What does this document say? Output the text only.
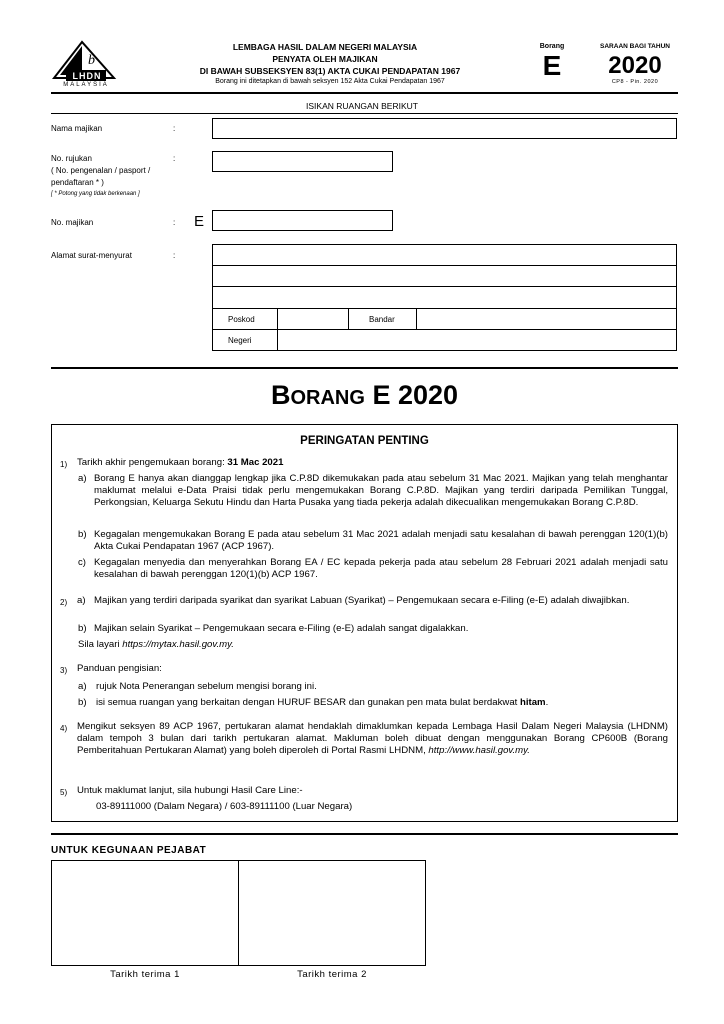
b
LHDN
MALAYSIA
LEMBAGA HASIL DALAM NEGERI MALAYSIA
PENYATA OLEH MAJIKAN
DI BAWAH SUBSEKSYEN 83(1) AKTA CUKAI PENDAPATAN 1967
Borang ini ditetapkan di bawah seksyen 152 Akta Cukai Pendapatan 1967
Borang
E
SARAAN BAGI TAHUN
2020
CP8 - Pin. 2020
ISIKAN RUANGAN BERIKUT
Nama majikan	:
No. rujukan	:
( No. pengenalan / pasport /
pendaftaran * )
[ * Potong yang tidak berkenaan ]
No. majikan	: E
Alamat surat-menyurat	:
Poskod	Bandar
Negeri
BORANG E 2020
PERINGATAN PENTING
1) Tarikh akhir pengemukaan borang: 31 Mac 2021
a) Borang E hanya akan dianggap lengkap jika C.P.8D dikemukakan pada atau sebelum 31 Mac 2021. Majikan yang telah menghantar maklumat melalui e-Data Praisi tidak perlu mengemukakan Borang C.P.8D. Majikan yang terdiri daripada Pemilikan Tunggal, Perkongsian, Keluarga Sekutu Hindu dan Harta Pusaka yang tiada pekerja adalah dikecualikan mengemukakan Borang C.P.8D.
b) Kegagalan mengemukakan Borang E pada atau sebelum 31 Mac 2021 adalah menjadi satu kesalahan di bawah perenggan 120(1)(b) Akta Cukai Pendapatan 1967 (ACP 1967).
c) Kegagalan menyedia dan menyerahkan Borang EA / EC kepada pekerja pada atau sebelum 28 Februari 2021 adalah menjadi satu kesalahan di bawah perenggan 120(1)(b) ACP 1967.
2) a) Majikan yang terdiri daripada syarikat dan syarikat Labuan (Syarikat) – Pengemukaan secara e-Filing (e-E) adalah diwajibkan.
b) Majikan selain Syarikat – Pengemukaan secara e-Filing (e-E) adalah sangat digalakkan.
Sila layari https://mytax.hasil.gov.my.
3) Panduan pengisian:
a) rujuk Nota Penerangan sebelum mengisi borang ini.
b) isi semua ruangan yang berkaitan dengan HURUF BESAR dan gunakan pen mata bulat berdakwat hitam.
4) Mengikut seksyen 89 ACP 1967, pertukaran alamat hendaklah dimaklumkan kepada Lembaga Hasil Dalam Negeri Malaysia (LHDNM) dalam tempoh 3 bulan dari tarikh pertukaran alamat. Makluman boleh dibuat dengan menggunakan Borang CP600B (Borang Pemberitahuan Pertukaran Alamat) yang boleh diperoleh di Portal Rasmi LHDNM, http://www.hasil.gov.my.
5) Untuk maklumat lanjut, sila hubungi Hasil Care Line:-
03-89111000 (Dalam Negara) / 603-89111100 (Luar Negara)
UNTUK KEGUNAAN PEJABAT
Tarikh terima 1	Tarikh terima 2
